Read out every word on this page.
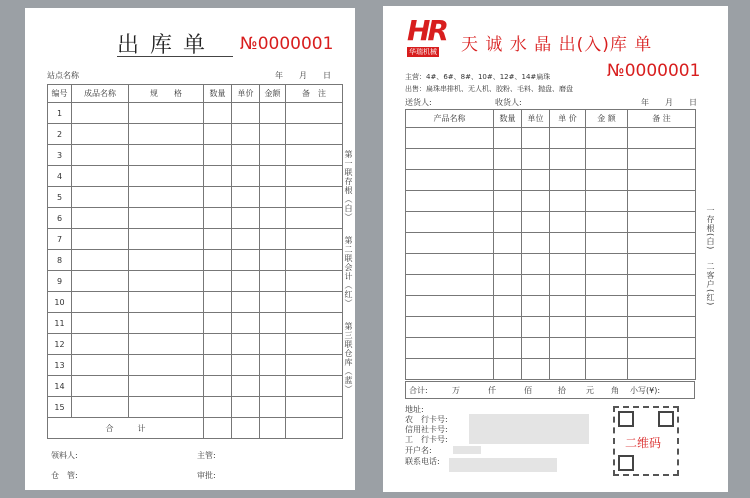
出 库 单 №0000001
站点名称	年　　月　　日
编号	成品名称	规　　格	数量	单价	金额	备　注
1						
2						
3						
4						
5						
6						
7						
8						
9						
10						
11						
12						
13						
14						
15						
合　　　计						
领料人:	主管:
仓　管:	审批:
第一联存根（白）
第二联会计（红）
第三联仓库（蓝）
HR
华瑞机械 天 诚 水 晶 出(入)库 单
№0000001
主营：4#、6#、8#、10#、12#、14#扁珠
出售：扁珠串排机、无人机、胶粉、毛料、抛盘、磨盘
送货人:	收货人:	年　　月　　日
产品名称	数量	单位	单 价	金 额	备 注

合计:	万	仟	佰	拾	元 角 小写(¥):
地址:
农　行卡号:
信用社卡号:
工　行卡号:
开户名:
联系电话:
二维码
一存根(白)
二客户(红)
